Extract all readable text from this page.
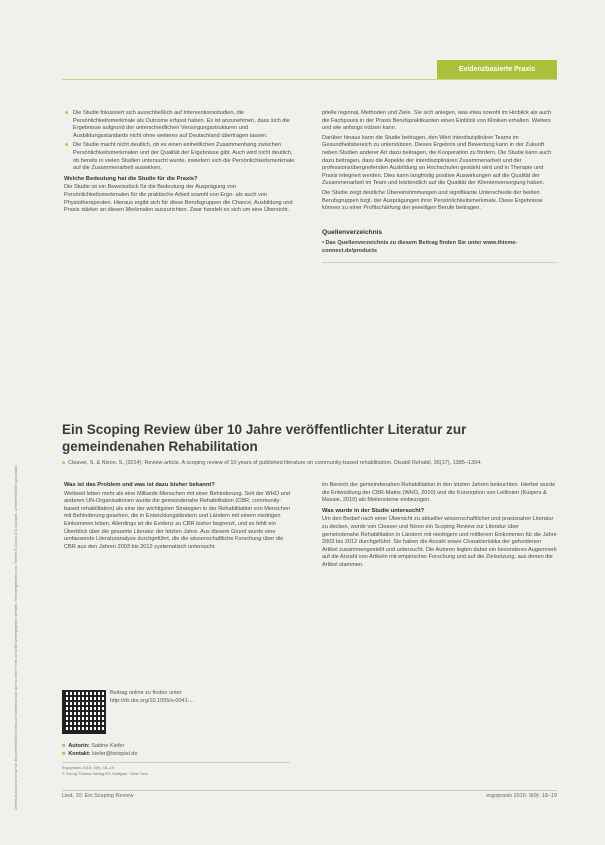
Evidenzbasierte Praxis
Dieses Dokument ist nur für den persönlichen Gebrauch bestimmt und darf in keiner Form an Dritte weitergegeben werden. Heruntergeladen von: Thieme E-Books & E-Journals. Urheberrechtlich geschützt.
■ Die Studie fokussiert sich ausschließlich auf Interventionsstudien, die Persönlichkeitsmerkmale als Outcome erfasst haben. Es ist anzunehmen, dass sich die Ergebnisse aufgrund der unterschiedlichen Versorgungsstrukturen und Ausbildungsstandards nicht ohne weiteres auf Deutschland übertragen lassen.
■ Die Studie macht nicht deutlich, ob es einen einheitlichen Zusammenhang zwischen Persönlichkeitsmerkmalen und der Qualität der Ergebnisse gibt. Auch wird nicht deutlich, ob bereits in vielen Studien untersucht wurde, inwiefern sich die Persönlichkeitsmerkmale auf die Zusammenarbeit auswirken.
Welche Bedeutung hat die Studie für die Praxis?

Die Studie ist ein Beweisstück für die Bedeutung der Ausprägung von Persönlichkeitsmerkmalen für die praktische Arbeit sowohl von Ergo- als auch von Physiotherapeuten. Hieraus ergibt sich für diese Berufsgruppen die Chance, Ausbildung und Praxis stärker an diesen Merkmalen auszurichten. Zwar handelt es sich um eine Übersicht.

pitelle regional, Methoden und Ziele. Sie sich anlegen, was etwa sowohl im Hinblick als auch die Fachpraxis in der Praxis Berufspraktikanten einen Einblick von Kliniken erhalten. Weiters und wie anfangs nützen kann.

Darüber hinaus kann die Studie beitragen, den Wert interdisziplinärer Teams im Gesundheitsbereich zu unterstützen. Dieses Ergebnis und Bewertung kann in der Zukunft neben Studien anderer Art dazu beitragen, die Kooperation zu fördern. Die Studie kann auch dazu beitragen, dass die Aspekte der interdisziplinären Zusammenarbeit und der professionsübergreifenden Ausbildung an Hochschulen gestärkt wird und in Therapie und Praxis integriert werden. Dies kann langfristig positive Auswirkungen auf die Qualität der Zusammenarbeit im Team und letztendlich auf die Qualität der Klientenversorgung haben.

Die Studie zeigt deutliche Übereinstimmungen und signifikante Unterschiede der beiden Berufsgruppen bzgl. der Ausprägungen ihrer Persönlichkeitsmerkmale. Diese Ergebnisse können zu einer Profilschärfung der jeweiligen Berufe beitragen.

Quellenverzeichnis
• Das Quellenverzeichnis zu diesem Beitrag finden Sie unter www.thieme-connect.de/products
Ein Scoping Review über 10 Jahre veröffentlichter Literatur zur gemeindenahen Rehabilitation
■ Cleaver, S. & Nixon, S. (2014): Review article. A scoping review of 10 years of published literature on community-based rehabilitation. Disabil Rehabil, 36(17), 1385–1394.
Was ist das Problem und was ist dazu bisher bekannt?

Weltweit leben mehr als eine Milliarde Menschen mit einer Behinderung. Seit der WHO und anderen UN-Organisationen wurde die gemeindenahe Rehabilitation (CBR, community-based rehabilitation) als eine der wichtigsten Strategien in der Rehabilitation von Menschen mit Behinderung gesehen, die in Entwicklungsländern und Ländern mit einem niedrigen Einkommen leben. Allerdings ist die Evidenz zu CBR bisher begrenzt, und es fehlt ein Überblick über die gesamte Literatur der letzten Jahre. Aus diesem Grund wurde eine umfassende Literaturanalyse durchgeführt, die die wissenschaftliche Forschung über die CBR aus den Jahren 2003 bis 2012 systematisch untersucht.

im Bereich der gemeindenahen Rehabilitation in den letzten Jahren beleuchten. Hierbei wurde die Entwicklung der CBR-Matrix (WHO, 2010) und die Konzeption von Leitlinien (Kuipers & Massie, 2010) als Meilensteine einbezogen.

Was wurde in der Studie untersucht?

Um den Bedarf nach einer Übersicht zu aktueller wissenschaftlicher und praxisnaher Literatur zu decken, wurde von Cleaver und Nixon ein Scoping Review zur Literatur über gemeindenahe Rehabilitation in Ländern mit niedrigem und mittlerem Einkommen für die Jahre 2003 bis 2012 durchgeführt. Sie haben die Anzahl sowie Charakteristika der gefundenen Artikel zusammengestellt und untersucht. Die Autoren legten dabei ein besonderes Augenmerk auf die Anzahl von Artikeln mit empirischer Forschung und auf die Zielsetzung, aus denen die Artikel stammen.

Beitrag online zu finden unter
http://dx.doi.org/10.1055/s-0041-...
■ Autorin: Sabine Kiefer
■ Kontakt: kiefer@beispiel.de
Ergopraxis 2016; 9(9): 18–19
© Georg Thieme Verlag KG Stuttgart · New York
Lied, 10: Ein Scoping Review	ergopraxis 2016; 9(9): 18–19
